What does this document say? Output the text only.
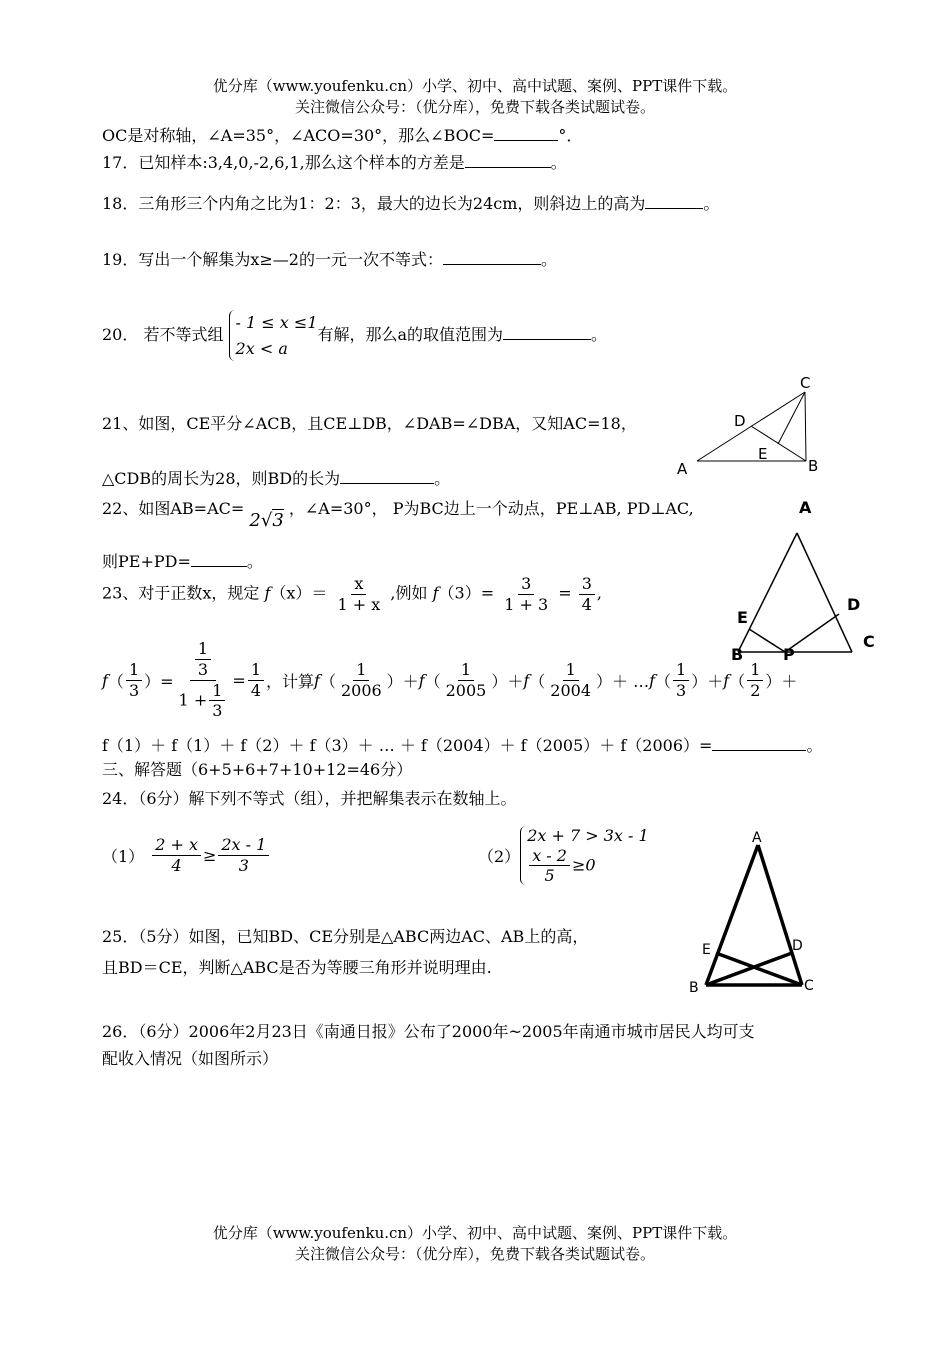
优分库（www.youfenku.cn）小学、初中、高中试题、案例、PPT课件下载。
关注微信公众号：（优分库），免费下载各类试题试卷。
OC是对称轴，∠A=35°，∠ACO=30°，那么∠BOC=	°．
17．已知样本:3,4,0,-2,6,1,那么这个样本的方差是	。
18．三角形三个内角之比为1：2：3，最大的边长为24cm，则斜边上的高为	。
19．写出一个解集为x≥—2的一元一次不等式：	。
20． 若不等式组
- 1 ≤ x ≤1
2x < a
有解，那么a的取值范围为	。
21、如图，CE平分∠ACB，且CE⊥DB，∠DAB=∠DBA，又知AC=18，
△CDB的周长为28，则BD的长为	。	A	B
C
D
E
22、如图AB=AC= 2√3 ，∠A=30°， P为BC边上一个动点，PE⊥AB, PD⊥AC,
则PE+PD=	。
A
B
C
D
E
P
23、对于正数x，规定 $f(x)= \frac{x}{1 + x}$ ,例如 $f(3)= \frac{3}{1 + 3} = \frac{3}{4}$ ,
f （ $\frac{1}{3}$ ）= $\frac{\frac{1}{3}}{1 + \frac{1}{3}} = \frac{1}{4}$ ，计算 f （ $\frac{1}{2006}$ ）＋ f （ $\frac{1}{2005}$ ）＋ f （ $\frac{1}{2004}$ ）＋ … f （ $\frac{1}{3}$ ）＋ f （ $\frac{1}{2}$ ）＋
f（1）＋ f（1）＋ f（2）＋ f（3）＋ … ＋ f（2004）＋ f（2005）＋ f（2006）=	。
三、解答题（6+5+6+7+10+12=46分）
24．（6分）解下列不等式（组），并把解集表示在数轴上。
$(1) \frac{2 + x}{4} \ge \frac{2x - 1}{3}$	（2）
2x + 7 > 3x - 1
$\frac{x - 2}{5} \ge 0$
25．（5分）如图，已知BD、CE分别是△ABC两边AC、AB上的高，
且BD＝CE，判断△ABC是否为等腰三角形并说明理由.
A
B	C
D
E
26．（6分）2006年2月23日《南通日报》公布了2000年~2005年南通市城市居民人均可支
配收入情况（如图所示）
优分库（www.youfenku.cn）小学、初中、高中试题、案例、PPT课件下载。
关注微信公众号：（优分库），免费下载各类试题试卷。
